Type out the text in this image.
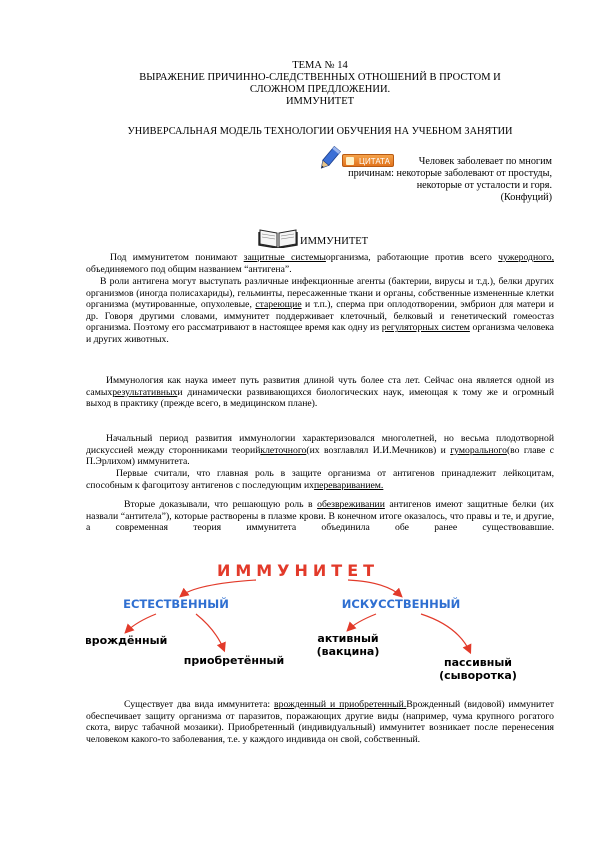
ТЕМА № 14
ВЫРАЖЕНИЕ ПРИЧИННО-СЛЕДСТВЕННЫХ ОТНОШЕНИЙ В ПРОСТОМ И
СЛОЖНОМ ПРЕДЛОЖЕНИИ.
ИММУНИТЕТ
УНИВЕРСАЛЬНАЯ МОДЕЛЬ ТЕХНОЛОГИИ ОБУЧЕНИЯ НА УЧЕБНОМ ЗАНЯТИИ
ЦИТАТА	Человек заболевает по многим
причинам: некоторые заболевают от простуды,
некоторые от усталости и горя.
(Конфуций)
ИММУНИТЕТ
Под иммунитетом понимают защитные системыорганизма, работающие против всего чужеродного, объединяемого под общим названием “антигена”.
В роли антигена могут выступать различные инфекционные агенты (бактерии, вирусы и т.д.), белки других организмов (иногда полисахариды), гельминты, пересаженные ткани и органы, собственные измененные клетки организма (мутированные, опухолевые, стареющие и т.п.), сперма при оплодотворении, эмбрион для матери и др. Говоря другими словами, иммунитет поддерживает клеточный, белковый и генетический гомеостаз организма. Поэтому его рассматривают в настоящее время как одну из регуляторных систем организма человека и других животных.
Иммунология как наука имеет путь развития длиной чуть более ста лет. Сейчас она является одной из самыхрезультативныхи динамически развивающихся биологических наук, имеющая к тому же и огромный выход в практику (прежде всего, в медицинском плане).
Начальный период развития иммунологии характеризовался многолетней, но весьма плодотворной дискуссией между сторонниками теорийклеточного(их возглавлял И.И.Мечников) и гуморального(во главе с П.Эрлихом) иммунитета.
Первые считали, что главная роль в защите организма от антигенов принадлежит лейкоцитам, способным к фагоцитозу антигенов с последующим ихперевариванием.
Вторые доказывали, что решающую роль в обезвреживании антигенов имеют защитные белки (их назвали “антитела”), которые растворены в плазме крови. В конечном итоге оказалось, что правы и те, и другие, а современная теория иммунитета объединила обе ранее существовавшие.
ИММУНИТЕТ
ЕСТЕСТВЕННЫЙ	ИСКУССТВЕННЫЙ
врождённый
приобретённый
активный
(вакцина)
пассивный
(сыворотка)
Существует два вида иммунитета: врожденный и приобретенный.Врожденный (видовой) иммунитет обеспечивает защиту организма от паразитов, поражающих другие виды (например, чума крупного рогатого скота, вирус табачной мозаики). Приобретенный (индивидуальный) иммунитет возникает после перенесения человеком какого-то заболевания, т.е. у каждого индивида он свой, собственный.
